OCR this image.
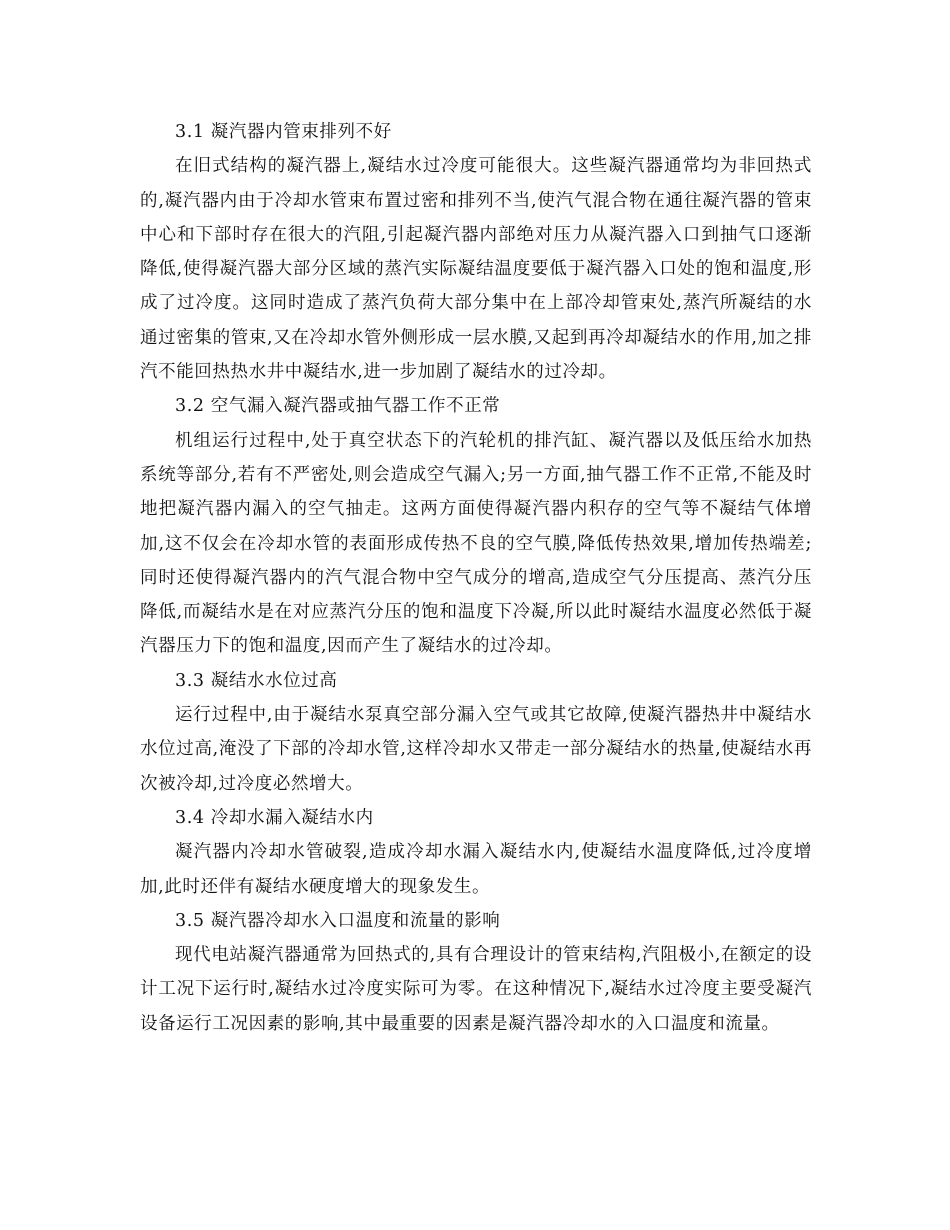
3.1 凝汽器内管束排列不好

在旧式结构的凝汽器上,凝结水过冷度可能很大。这些凝汽器通常均为非回热式的,凝汽器内由于冷却水管束布置过密和排列不当,使汽气混合物在通往凝汽器的管束中心和下部时存在很大的汽阻,引起凝汽器内部绝对压力从凝汽器入口到抽气口逐渐降低,使得凝汽器大部分区域的蒸汽实际凝结温度要低于凝汽器入口处的饱和温度,形成了过冷度。这同时造成了蒸汽负荷大部分集中在上部冷却管束处,蒸汽所凝结的水通过密集的管束,又在冷却水管外侧形成一层水膜,又起到再冷却凝结水的作用,加之排汽不能回热热水井中凝结水,进一步加剧了凝结水的过冷却。

3.2 空气漏入凝汽器或抽气器工作不正常

机组运行过程中,处于真空状态下的汽轮机的排汽缸、凝汽器以及低压给水加热系统等部分,若有不严密处,则会造成空气漏入;另一方面,抽气器工作不正常,不能及时地把凝汽器内漏入的空气抽走。这两方面使得凝汽器内积存的空气等不凝结气体增加,这不仅会在冷却水管的表面形成传热不良的空气膜,降低传热效果,增加传热端差;同时还使得凝汽器内的汽气混合物中空气成分的增高,造成空气分压提高、蒸汽分压降低,而凝结水是在对应蒸汽分压的饱和温度下冷凝,所以此时凝结水温度必然低于凝汽器压力下的饱和温度,因而产生了凝结水的过冷却。

3.3 凝结水水位过高

运行过程中,由于凝结水泵真空部分漏入空气或其它故障,使凝汽器热井中凝结水水位过高,淹没了下部的冷却水管,这样冷却水又带走一部分凝结水的热量,使凝结水再次被冷却,过冷度必然增大。

3.4 冷却水漏入凝结水内

凝汽器内冷却水管破裂,造成冷却水漏入凝结水内,使凝结水温度降低,过冷度增加,此时还伴有凝结水硬度增大的现象发生。

3.5 凝汽器冷却水入口温度和流量的影响

现代电站凝汽器通常为回热式的,具有合理设计的管束结构,汽阻极小,在额定的设计工况下运行时,凝结水过冷度实际可为零。在这种情况下,凝结水过冷度主要受凝汽设备运行工况因素的影响,其中最重要的因素是凝汽器冷却水的入口温度和流量。
